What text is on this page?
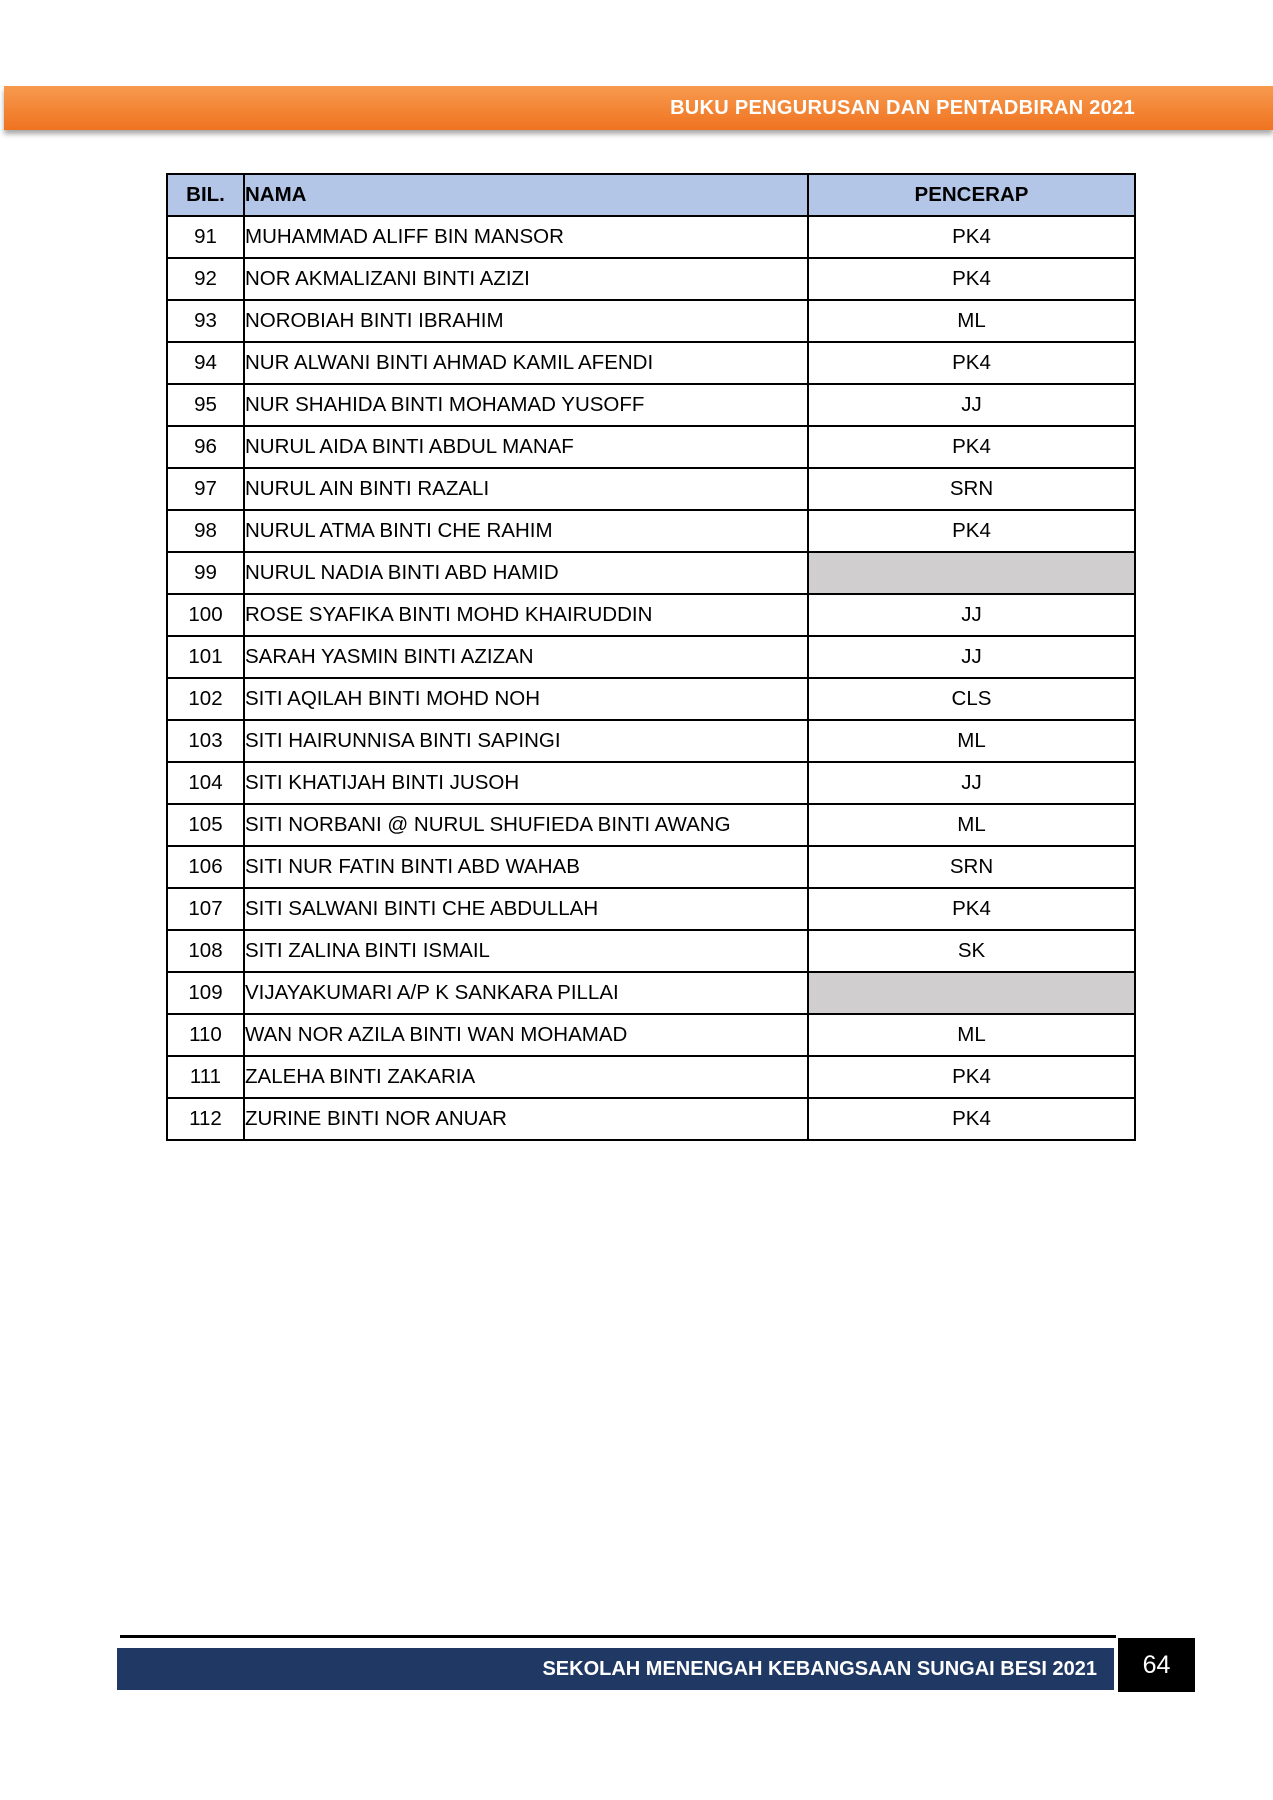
BUKU PENGURUSAN DAN PENTADBIRAN 2021
BIL.	NAMA	PENCERAP
91	MUHAMMAD ALIFF BIN MANSOR	PK4
92	NOR AKMALIZANI BINTI AZIZI	PK4
93	NOROBIAH BINTI IBRAHIM	ML
94	NUR ALWANI BINTI AHMAD KAMIL AFENDI	PK4
95	NUR SHAHIDA BINTI MOHAMAD YUSOFF	JJ
96	NURUL AIDA BINTI ABDUL MANAF	PK4
97	NURUL AIN BINTI RAZALI	SRN
98	NURUL ATMA BINTI CHE RAHIM	PK4
99	NURUL NADIA BINTI ABD HAMID	
100	ROSE SYAFIKA BINTI MOHD KHAIRUDDIN	JJ
101	SARAH YASMIN BINTI AZIZAN	JJ
102	SITI AQILAH BINTI MOHD NOH	CLS
103	SITI HAIRUNNISA BINTI SAPINGI	ML
104	SITI KHATIJAH BINTI JUSOH	JJ
105	SITI NORBANI @ NURUL SHUFIEDA BINTI AWANG	ML
106	SITI NUR FATIN BINTI ABD WAHAB	SRN
107	SITI SALWANI BINTI CHE ABDULLAH	PK4
108	SITI ZALINA BINTI ISMAIL	SK
109	VIJAYAKUMARI A/P K SANKARA PILLAI	
110	WAN NOR AZILA BINTI WAN MOHAMAD	ML
111	ZALEHA BINTI ZAKARIA	PK4
112	ZURINE BINTI NOR ANUAR	PK4
SEKOLAH MENENGAH KEBANGSAAN SUNGAI BESI 2021	64
